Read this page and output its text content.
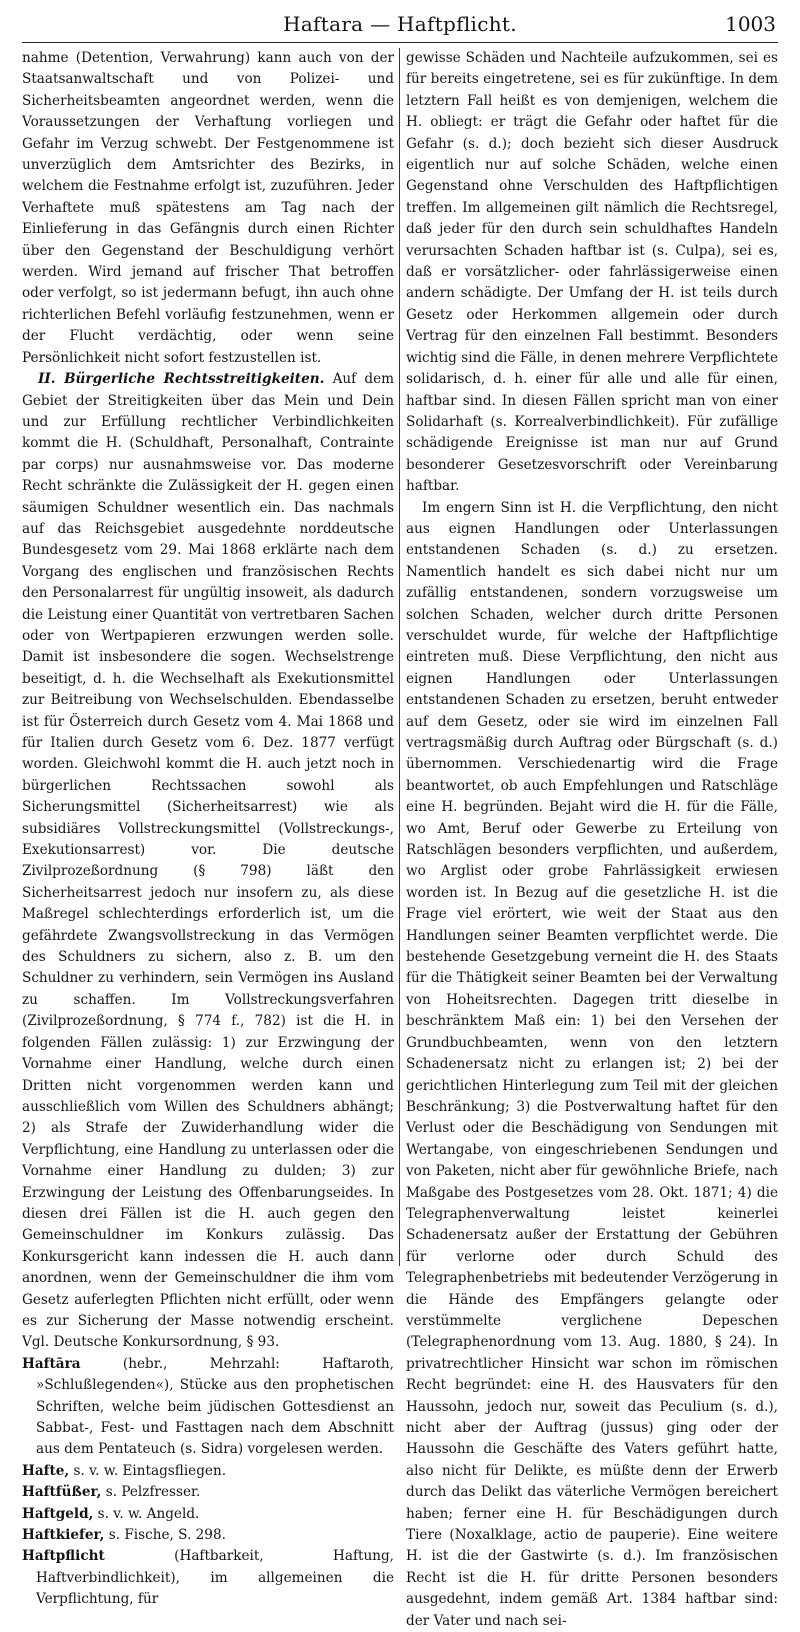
Haftara — Haftpflicht.	1003

nahme (Detention, Verwahrung) kann auch von der Staatsanwaltschaft und von Polizei- und Sicherheitsbeamten angeordnet werden, wenn die Voraussetzungen der Verhaftung vorliegen und Gefahr im Verzug schwebt. Der Festgenommene ist unverzüglich dem Amtsrichter des Bezirks, in welchem die Festnahme erfolgt ist, zuzuführen. Jeder Verhaftete muß spätestens am Tag nach der Einlieferung in das Gefängnis durch einen Richter über den Gegenstand der Beschuldigung verhört werden. Wird jemand auf frischer That betroffen oder verfolgt, so ist jedermann befugt, ihn auch ohne richterlichen Befehl vorläufig festzunehmen, wenn er der Flucht verdächtig, oder wenn seine Persönlichkeit nicht sofort festzustellen ist.

II. Bürgerliche Rechtsstreitigkeiten. Auf dem Gebiet der Streitigkeiten über das Mein und Dein und zur Erfüllung rechtlicher Verbindlichkeiten kommt die H. (Schuldhaft, Personalhaft, Contrainte par corps) nur ausnahmsweise vor. Das moderne Recht schränkte die Zulässigkeit der H. gegen einen säumigen Schuldner wesentlich ein. Das nachmals auf das Reichsgebiet ausgedehnte norddeutsche Bundesgesetz vom 29. Mai 1868 erklärte nach dem Vorgang des englischen und französischen Rechts den Personalarrest für ungültig insoweit, als dadurch die Leistung einer Quantität von vertretbaren Sachen oder von Wertpapieren erzwungen werden solle. Damit ist insbesondere die sogen. Wechselstrenge beseitigt, d. h. die Wechselhaft als Exekutionsmittel zur Beitreibung von Wechselschulden. Ebendasselbe ist für Österreich durch Gesetz vom 4. Mai 1868 und für Italien durch Gesetz vom 6. Dez. 1877 verfügt worden. Gleichwohl kommt die H. auch jetzt noch in bürgerlichen Rechtssachen sowohl als Sicherungsmittel (Sicherheitsarrest) wie als subsidiäres Vollstreckungsmittel (Vollstreckungs-, Exekutionsarrest) vor. Die deutsche Zivilprozeßordnung (§ 798) läßt den Sicherheitsarrest jedoch nur insofern zu, als diese Maßregel schlechterdings erforderlich ist, um die gefährdete Zwangsvollstreckung in das Vermögen des Schuldners zu sichern, also z. B. um den Schuldner zu verhindern, sein Vermögen ins Ausland zu schaffen. Im Vollstreckungsverfahren (Zivilprozeßordnung, § 774 f., 782) ist die H. in folgenden Fällen zulässig: 1) zur Erzwingung der Vornahme einer Handlung, welche durch einen Dritten nicht vorgenommen werden kann und ausschließlich vom Willen des Schuldners abhängt; 2) als Strafe der Zuwiderhandlung wider die Verpflichtung, eine Handlung zu unterlassen oder die Vornahme einer Handlung zu dulden; 3) zur Erzwingung der Leistung des Offenbarungseides. In diesen drei Fällen ist die H. auch gegen den Gemeinschuldner im Konkurs zulässig. Das Konkursgericht kann indessen die H. auch dann anordnen, wenn der Gemeinschuldner die ihm vom Gesetz auferlegten Pflichten nicht erfüllt, oder wenn es zur Sicherung der Masse notwendig erscheint. Vgl. Deutsche Konkursordnung, § 93.

Haftāra	(hebr., Mehrzahl: Haftaroth, »Schlußlegenden«), Stücke aus den prophetischen Schriften, welche beim jüdischen Gottesdienst an Sabbat-, Fest- und Fasttagen nach dem Abschnitt aus dem Pentateuch (s. Sidra) vorgelesen werden.

Hafte, s. v. w. Eintagsfliegen.

Haftfüßer, s. Pelzfresser.

Haftgeld, s. v. w. Angeld.

Haftkiefer, s. Fische, S. 298.

Haftpflicht	(Haftbarkeit, Haftung, Haftverbindlichkeit), im allgemeinen die Verpflichtung, für

gewisse Schäden und Nachteile aufzukommen, sei es für bereits eingetretene, sei es für zukünftige. In dem letztern Fall heißt es von demjenigen, welchem die H. obliegt: er trägt die Gefahr oder haftet für die Gefahr (s. d.); doch bezieht sich dieser Ausdruck eigentlich nur auf solche Schäden, welche einen Gegenstand ohne Verschulden des Haftpflichtigen treffen. Im allgemeinen gilt nämlich die Rechtsregel, daß jeder für den durch sein schuldhaftes Handeln verursachten Schaden haftbar ist (s. Culpa), sei es, daß er vorsätzlicher- oder fahrlässigerweise einen andern schädigte. Der Umfang der H. ist teils durch Gesetz oder Herkommen allgemein oder durch Vertrag für den einzelnen Fall bestimmt. Besonders wichtig sind die Fälle, in denen mehrere Verpflichtete solidarisch, d. h. einer für alle und alle für einen, haftbar sind. In diesen Fällen spricht man von einer Solidarhaft (s. Korrealverbindlichkeit). Für zufällige schädigende Ereignisse ist man nur auf Grund besonderer Gesetzesvorschrift oder Vereinbarung haftbar.

Im engern Sinn ist H. die Verpflichtung, den nicht aus eignen Handlungen oder Unterlassungen entstandenen Schaden (s. d.) zu ersetzen. Namentlich handelt es sich dabei nicht nur um zufällig entstandenen, sondern vorzugsweise um solchen Schaden, welcher durch dritte Personen verschuldet wurde, für welche der Haftpflichtige eintreten muß. Diese Verpflichtung, den nicht aus eignen Handlungen oder Unterlassungen entstandenen Schaden zu ersetzen, beruht entweder auf dem Gesetz, oder sie wird im einzelnen Fall vertragsmäßig durch Auftrag oder Bürgschaft (s. d.) übernommen. Verschiedenartig wird die Frage beantwortet, ob auch Empfehlungen und Ratschläge eine H. begründen. Bejaht wird die H. für die Fälle, wo Amt, Beruf oder Gewerbe zu Erteilung von Ratschlägen besonders verpflichten, und außerdem, wo Arglist oder grobe Fahrlässigkeit erwiesen worden ist. In Bezug auf die gesetzliche H. ist die Frage viel erörtert, wie weit der Staat aus den Handlungen seiner Beamten verpflichtet werde. Die bestehende Gesetzgebung verneint die H. des Staats für die Thätigkeit seiner Beamten bei der Verwaltung von Hoheitsrechten. Dagegen tritt dieselbe in beschränktem Maß ein: 1) bei den Versehen der Grundbuchbeamten, wenn von den letztern Schadenersatz nicht zu erlangen ist; 2) bei der gerichtlichen Hinterlegung zum Teil mit der gleichen Beschränkung; 3) die Postverwaltung haftet für den Verlust oder die Beschädigung von Sendungen mit Wertangabe, von eingeschriebenen Sendungen und von Paketen, nicht aber für gewöhnliche Briefe, nach Maßgabe des Postgesetzes vom 28. Okt. 1871; 4) die Telegraphenverwaltung leistet keinerlei Schadenersatz außer der Erstattung der Gebühren für verlorne oder durch Schuld des Telegraphenbetriebs mit bedeutender Verzögerung in die Hände des Empfängers gelangte oder verstümmelte verglichene Depeschen (Telegraphenordnung vom 13. Aug. 1880, § 24). In privatrechtlicher Hinsicht war schon im römischen Recht begründet: eine H. des Hausvaters für den Haussohn, jedoch nur, soweit das Peculium (s. d.), nicht aber der Auftrag (jussus) ging oder der Haussohn die Geschäfte des Vaters geführt hatte, also nicht für Delikte, es müßte denn der Erwerb durch das Delikt das väterliche Vermögen bereichert haben; ferner eine H. für Beschädigungen durch Tiere (Noxalklage, actio de pauperie). Eine weitere H. ist die der Gastwirte (s. d.). Im französischen Recht ist die H. für dritte Personen besonders ausgedehnt, indem gemäß Art. 1384 haftbar sind: der Vater und nach sei-
